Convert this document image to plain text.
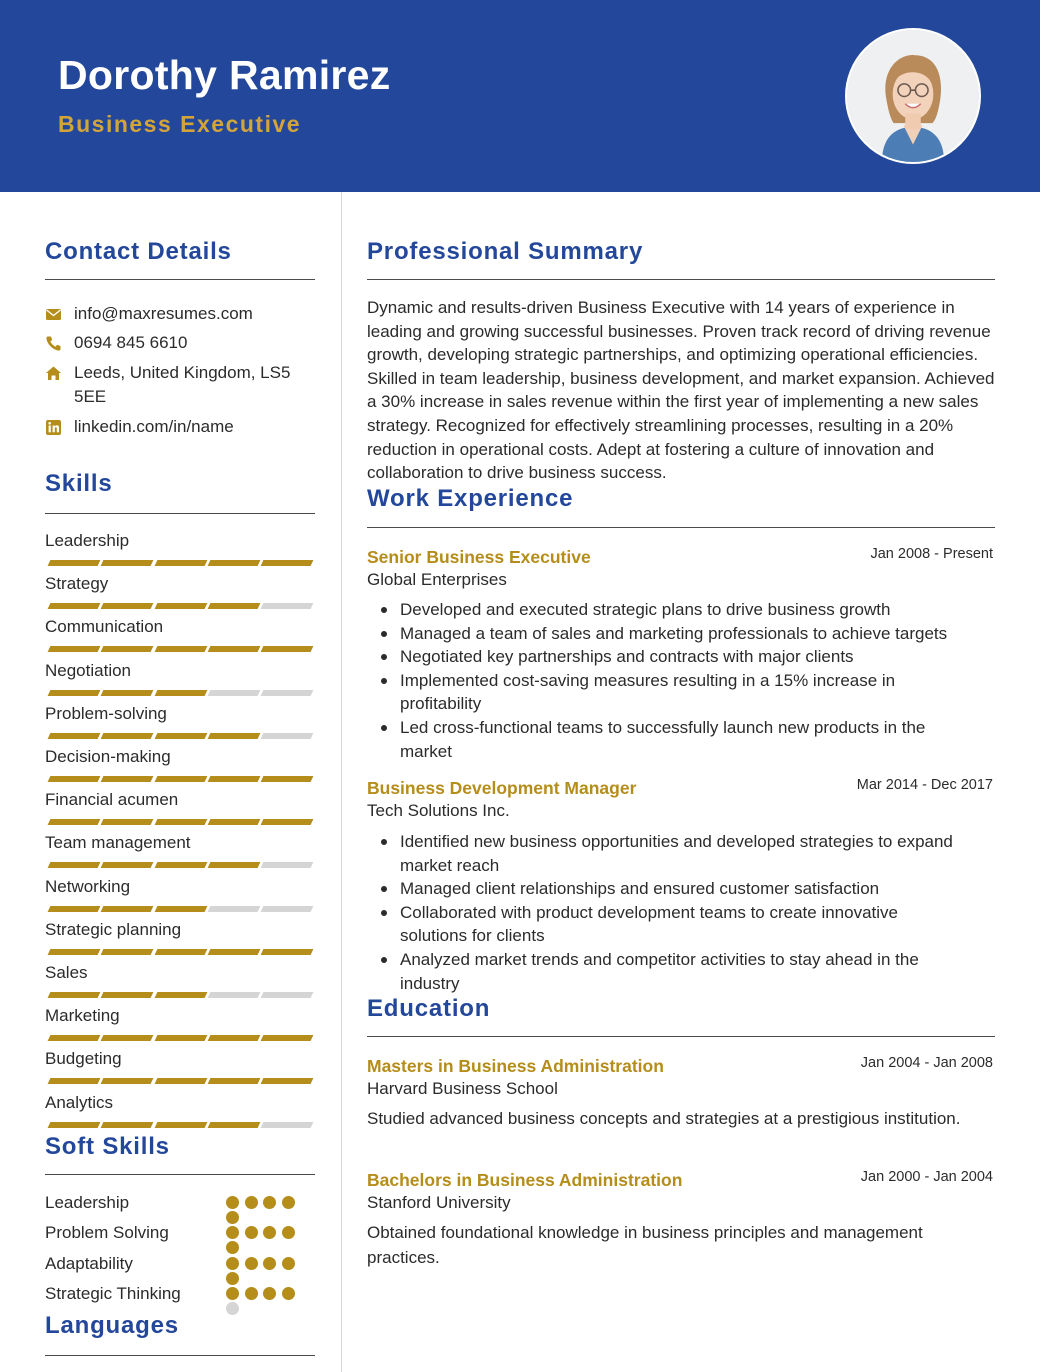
Dorothy Ramirez
Business Executive
Contact Details
info@maxresumes.com
0694 845 6610
Leeds, United Kingdom, LS5 5EE
linkedin.com/in/name
Skills
Leadership
Strategy
Communication
Negotiation
Problem-solving
Decision-making
Financial acumen
Team management
Networking
Strategic planning
Sales
Marketing
Budgeting
Analytics
Soft Skills
Leadership
Problem Solving
Adaptability
Strategic Thinking
Languages
Professional Summary
Dynamic and results-driven Business Executive with 14 years of experience in leading and growing successful businesses. Proven track record of driving revenue growth, developing strategic partnerships, and optimizing operational efficiencies. Skilled in team leadership, business development, and market expansion. Achieved a 30% increase in sales revenue within the first year of implementing a new sales strategy. Recognized for effectively streamlining processes, resulting in a 20% reduction in operational costs. Adept at fostering a culture of innovation and collaboration to drive business success.
Work Experience
Senior Business Executive	Jan 2008 - Present
Global Enterprises
Developed and executed strategic plans to drive business growth
Managed a team of sales and marketing professionals to achieve targets
Negotiated key partnerships and contracts with major clients
Implemented cost-saving measures resulting in a 15% increase in profitability
Led cross-functional teams to successfully launch new products in the market
Business Development Manager	Mar 2014 - Dec 2017
Tech Solutions Inc.
Identified new business opportunities and developed strategies to expand market reach
Managed client relationships and ensured customer satisfaction
Collaborated with product development teams to create innovative solutions for clients
Analyzed market trends and competitor activities to stay ahead in the industry
Education
Masters in Business Administration	Jan 2004 - Jan 2008
Harvard Business School
Studied advanced business concepts and strategies at a prestigious institution.
Bachelors in Business Administration	Jan 2000 - Jan 2004
Stanford University
Obtained foundational knowledge in business principles and management practices.
